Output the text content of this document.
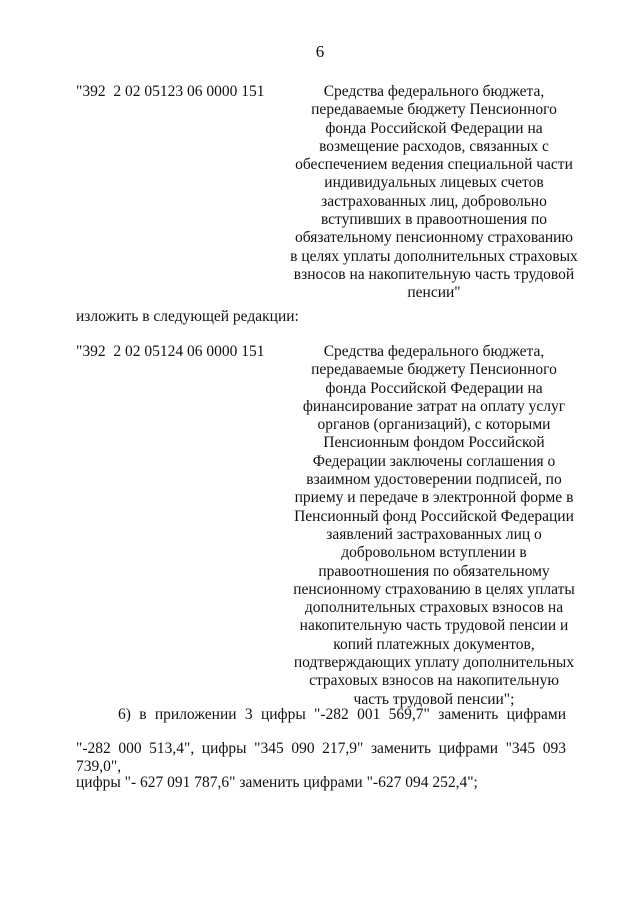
6
"392  2 02 05123 06 0000 151	Средства федерального бюджета,
передаваемые бюджету Пенсионного
фонда Российской Федерации на
возмещение расходов, связанных с
обеспечением ведения специальной части
индивидуальных лицевых счетов
застрахованных лиц, добровольно
вступивших в правоотношения по
обязательному пенсионному страхованию
в целях уплаты дополнительных страховых
взносов на накопительную часть трудовой
пенсии"
изложить в следующей редакции:
"392  2 02 05124 06 0000 151	Средства федерального бюджета,
передаваемые бюджету Пенсионного
фонда Российской Федерации на
финансирование затрат на оплату услуг
органов (организаций), с которыми
Пенсионным фондом Российской
Федерации заключены соглашения о
взаимном удостоверении подписей, по
приему и передаче в электронной форме в
Пенсионный фонд Российской Федерации
заявлений застрахованных лиц о
добровольном вступлении в
правоотношения по обязательному
пенсионному страхованию в целях уплаты
дополнительных страховых взносов на
накопительную часть трудовой пенсии и
копий платежных документов,
подтверждающих уплату дополнительных
страховых взносов на накопительную
часть трудовой пенсии";
6) в приложении 3 цифры "-282 001 569,7" заменить цифрами
"-282 000 513,4", цифры "345 090 217,9" заменить цифрами "345 093 739,0",
цифры "- 627 091 787,6" заменить цифрами "-627 094 252,4";
